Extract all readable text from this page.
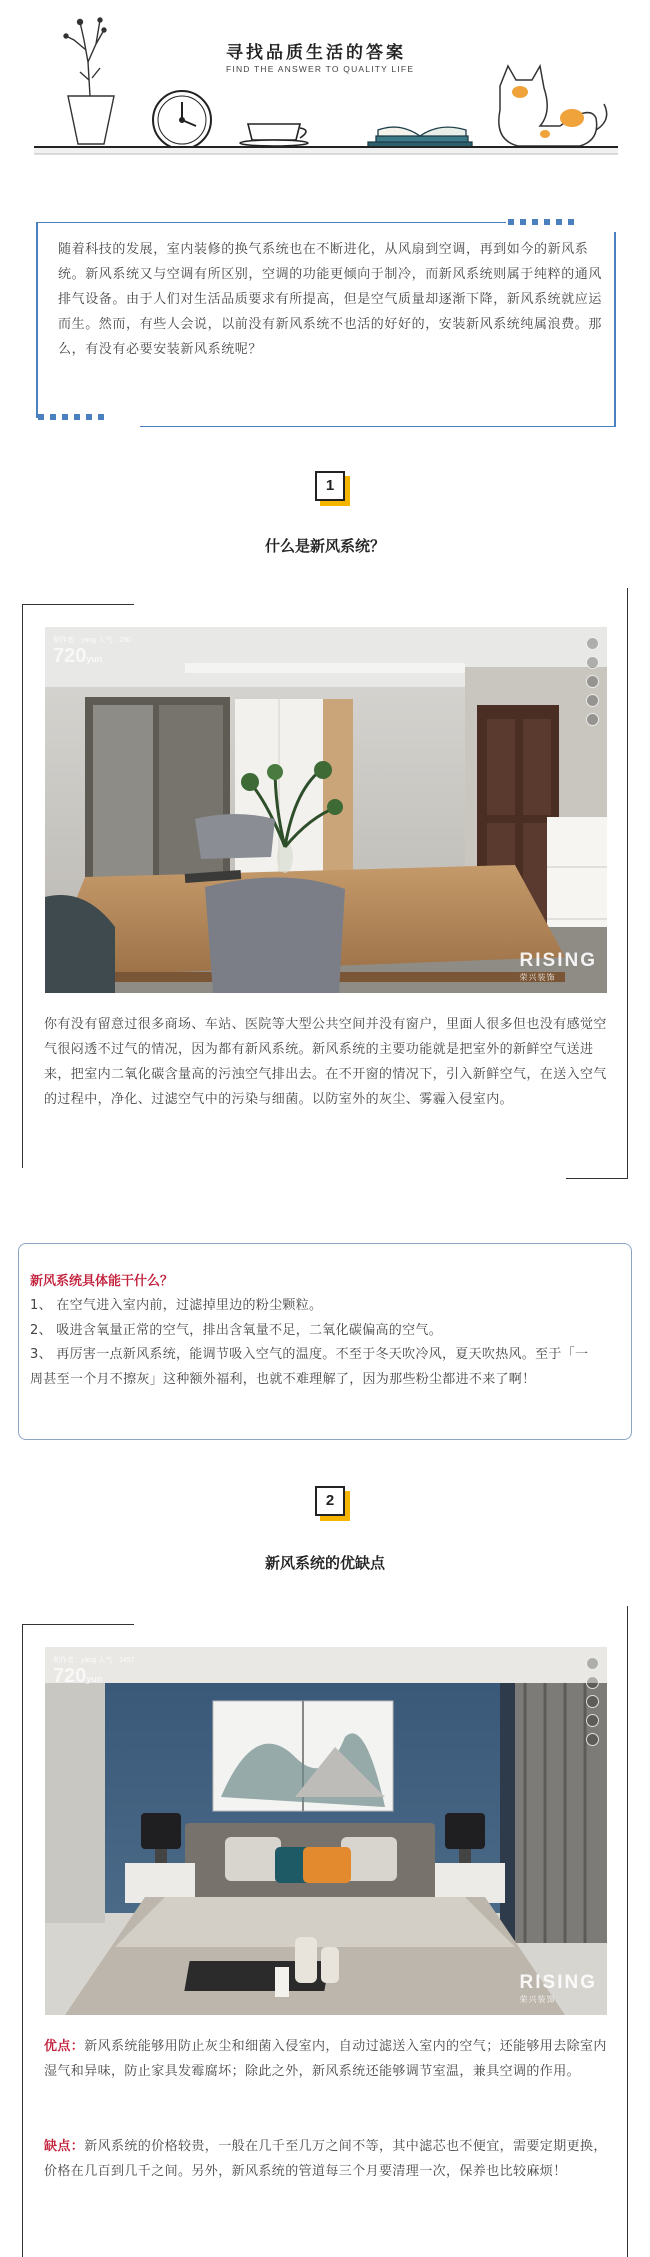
寻找品质生活的答案
FIND THE ANSWER TO QUALITY LIFE
随着科技的发展，室内装修的换气系统也在不断进化，从风扇到空调，再到如今的新风系统。新风系统又与空调有所区别，空调的功能更倾向于制冷，而新风系统则属于纯粹的通风排气设备。由于人们对生活品质要求有所提高，但是空气质量却逐渐下降，新风系统就应运而生。然而，有些人会说，以前没有新风系统不也活的好好的，安装新风系统纯属浪费。那么，有没有必要安装新风系统呢？
1
什么是新风系统？
制作者：yang 人气：290
720yun
RISING
荣兴装饰
你有没有留意过很多商场、车站、医院等大型公共空间并没有窗户，里面人很多但也没有感觉空气很闷透不过气的情况，因为都有新风系统。新风系统的主要功能就是把室外的新鲜空气送进来，把室内二氧化碳含量高的污浊空气排出去。在不开窗的情况下，引入新鲜空气，在送入空气的过程中，净化、过滤空气中的污染与细菌。以防室外的灰尘、雾霾入侵室内。
新风系统具体能干什么？
1、 在空气进入室内前，过滤掉里边的粉尘颗粒。
2、 吸进含氧量正常的空气，排出含氧量不足，二氧化碳偏高的空气。
3、 再厉害一点新风系统，能调节吸入空气的温度。不至于冬天吹冷风，夏天吹热风。至于「一周甚至一个月不擦灰」这种额外福利，也就不难理解了，因为那些粉尘都进不来了啊！
2
新风系统的优缺点
制作者：yang 人气：1457
720yun
RISING
荣兴装饰
优点：新风系统能够用防止灰尘和细菌入侵室内，自动过滤送入室内的空气；还能够用去除室内湿气和异味，防止家具发霉腐坏；除此之外，新风系统还能够调节室温，兼具空调的作用。
缺点：新风系统的价格较贵，一般在几千至几万之间不等，其中滤芯也不便宜，需要定期更换，价格在几百到几千之间。另外，新风系统的管道每三个月要清理一次，保养也比较麻烦！
